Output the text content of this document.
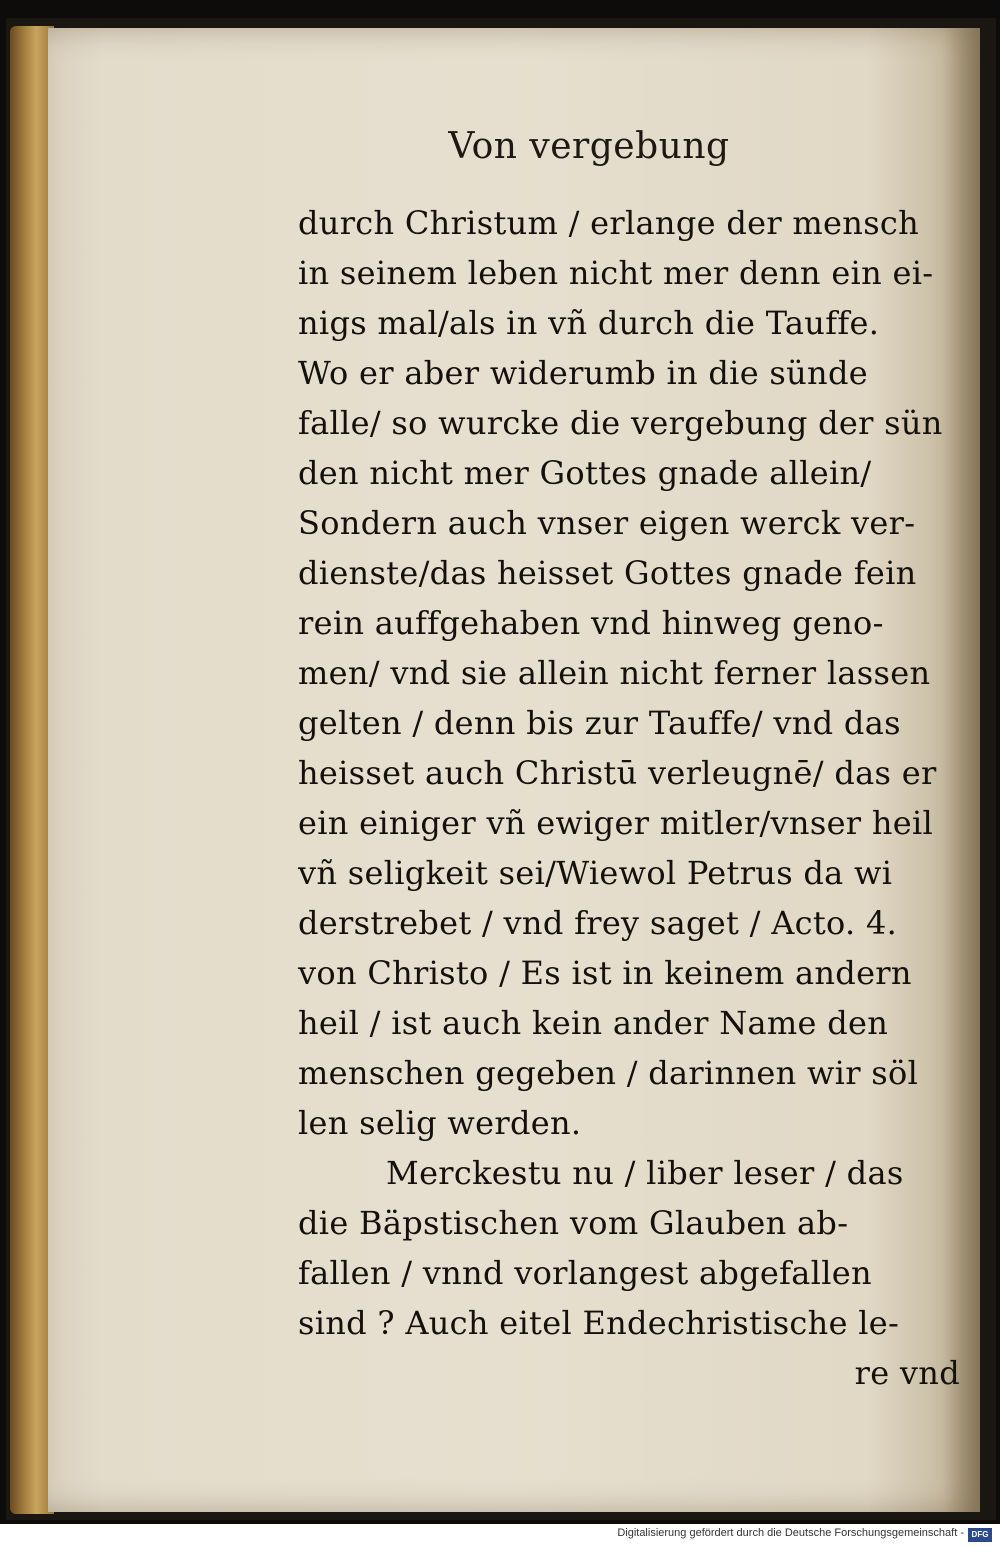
Von vergebung
durch Christum / erlange der mensch
in seinem leben nicht mer denn ein ei-
nigs mal/als in vñ durch die Tauffe.
Wo er aber widerumb in die sünde
falle/ so wurcke die vergebung der sün
den nicht mer Gottes gnade allein/
Sondern auch vnser eigen werck ver-
dienste/das heisset Gottes gnade fein
rein auffgehaben vnd hinweg geno-
men/ vnd sie allein nicht ferner lassen
gelten / denn bis zur Tauffe/ vnd das
heisset auch Christū verleugnē/ das er
ein einiger vñ ewiger mitler/vnser heil
vñ seligkeit sei/Wiewol Petrus da wi
derstrebet / vnd frey saget / Acto. 4.
von Christo / Es ist in keinem andern
heil / ist auch kein ander Name den
menschen gegeben / darinnen wir söl
len selig werden.
Merckestu nu / liber leser / das
die Bäpstischen vom Glauben ab-
fallen / vnnd vorlangest abgefallen
sind ? Auch eitel Endechristische le-
re vnd
Digitalisierung gefördert durch die Deutsche Forschungsgemeinschaft - DFG
